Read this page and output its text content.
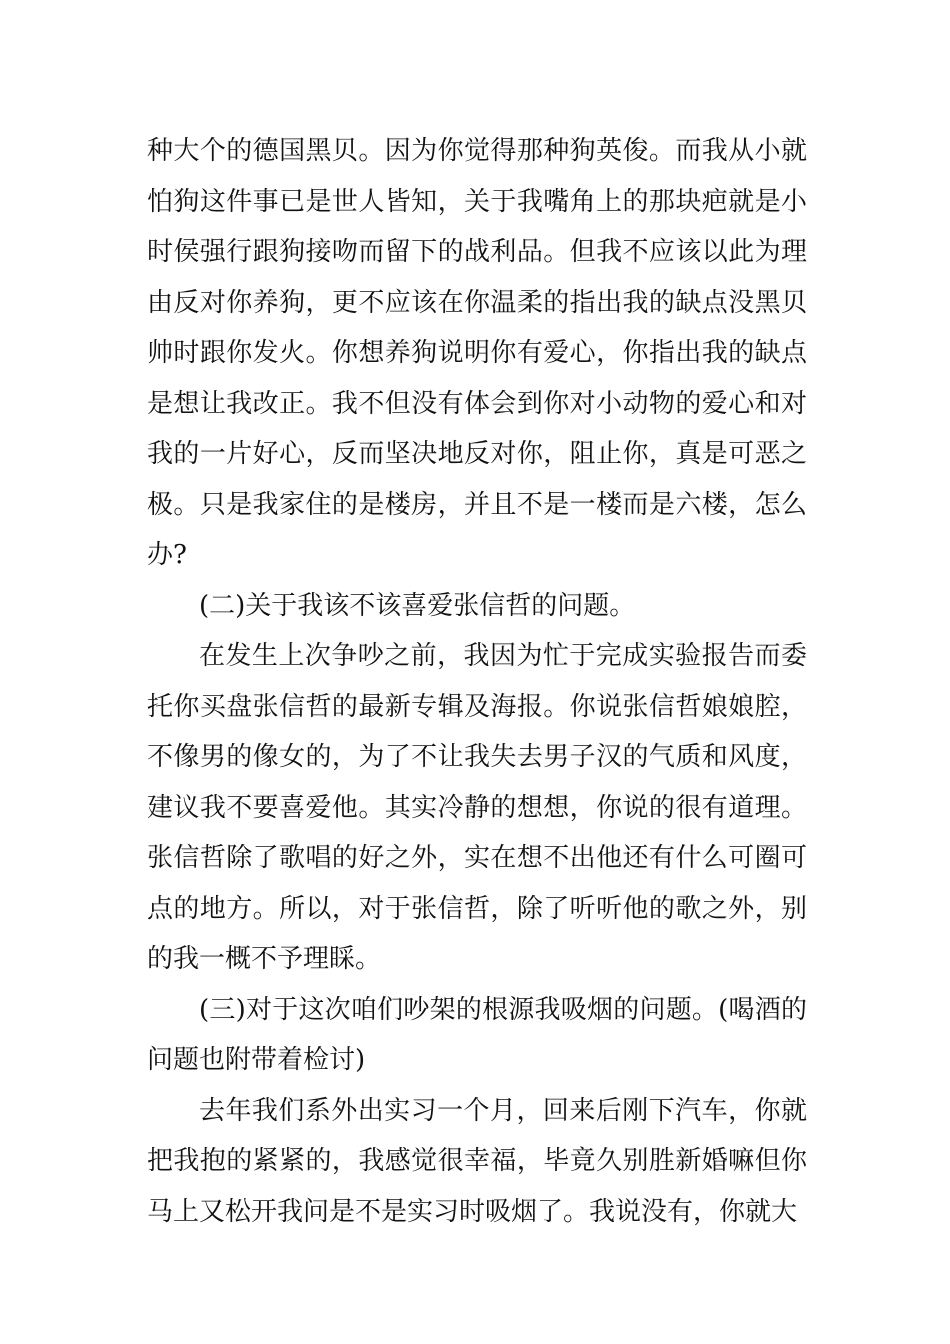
种大个的德国黑贝。因为你觉得那种狗英俊。而我从小就怕狗这件事已是世人皆知，关于我嘴角上的那块疤就是小时侯强行跟狗接吻而留下的战利品。但我不应该以此为理由反对你养狗，更不应该在你温柔的指出我的缺点没黑贝帅时跟你发火。你想养狗说明你有爱心，你指出我的缺点是想让我改正。我不但没有体会到你对小动物的爱心和对我的一片好心，反而坚决地反对你，阻止你，真是可恶之极。只是我家住的是楼房，并且不是一楼而是六楼，怎么办?

(二)关于我该不该喜爱张信哲的问题。

在发生上次争吵之前，我因为忙于完成实验报告而委托你买盘张信哲的最新专辑及海报。你说张信哲娘娘腔，不像男的像女的，为了不让我失去男子汉的气质和风度，建议我不要喜爱他。其实冷静的想想，你说的很有道理。张信哲除了歌唱的好之外，实在想不出他还有什么可圈可点的地方。所以，对于张信哲，除了听听他的歌之外，别的我一概不予理睬。

(三)对于这次咱们吵架的根源我吸烟的问题。(喝酒的问题也附带着检讨)

去年我们系外出实习一个月，回来后刚下汽车，你就把我抱的紧紧的，我感觉很幸福，毕竟久别胜新婚嘛但你马上又松开我问是不是实习时吸烟了。我说没有，你就大
